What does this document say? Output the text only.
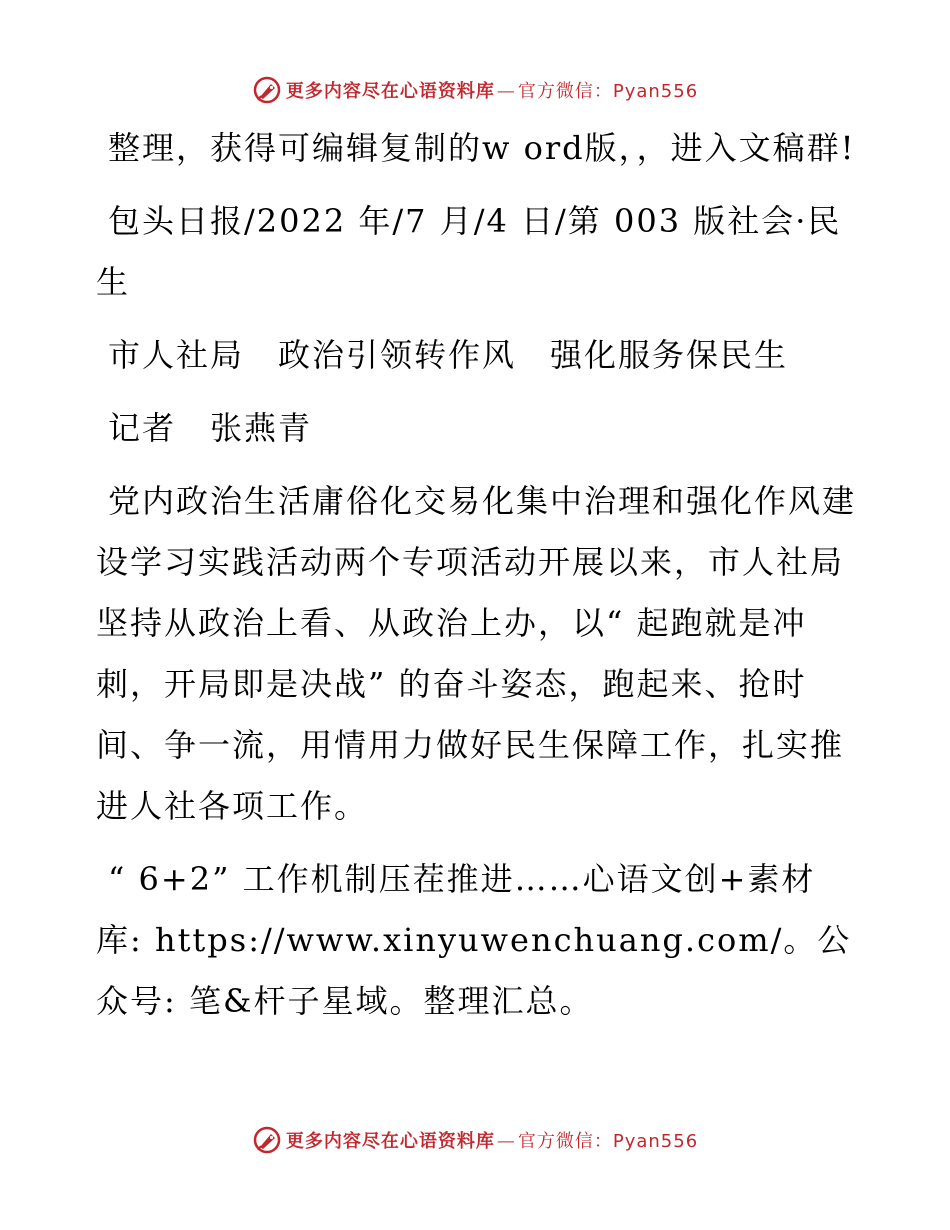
更多内容尽在心语资料库 — 官方微信：Pyan556

整理，获得可编辑复制的w ord版，，进入文稿群!

包头日报/2022 年/7 月/4 日/第 003 版社会·民生

市人社局　政治引领转作风　强化服务保民生

记者　张燕青

党内政治生活庸俗化交易化集中治理和强化作风建设学习实践活动两个专项活动开展以来，市人社局坚持从政治上看、从政治上办，以“ 起跑就是冲刺，开局即是决战” 的奋斗姿态，跑起来、抢时间、争一流，用情用力做好民生保障工作，扎实推进人社各项工作。

“ 6+2” 工作机制压茬推进……心语文创+素材库: https://www.xinyuwenchuang.com/。公众号: 笔&杆子星域。整理汇总。

更多内容尽在心语资料库 — 官方微信：Pyan556
